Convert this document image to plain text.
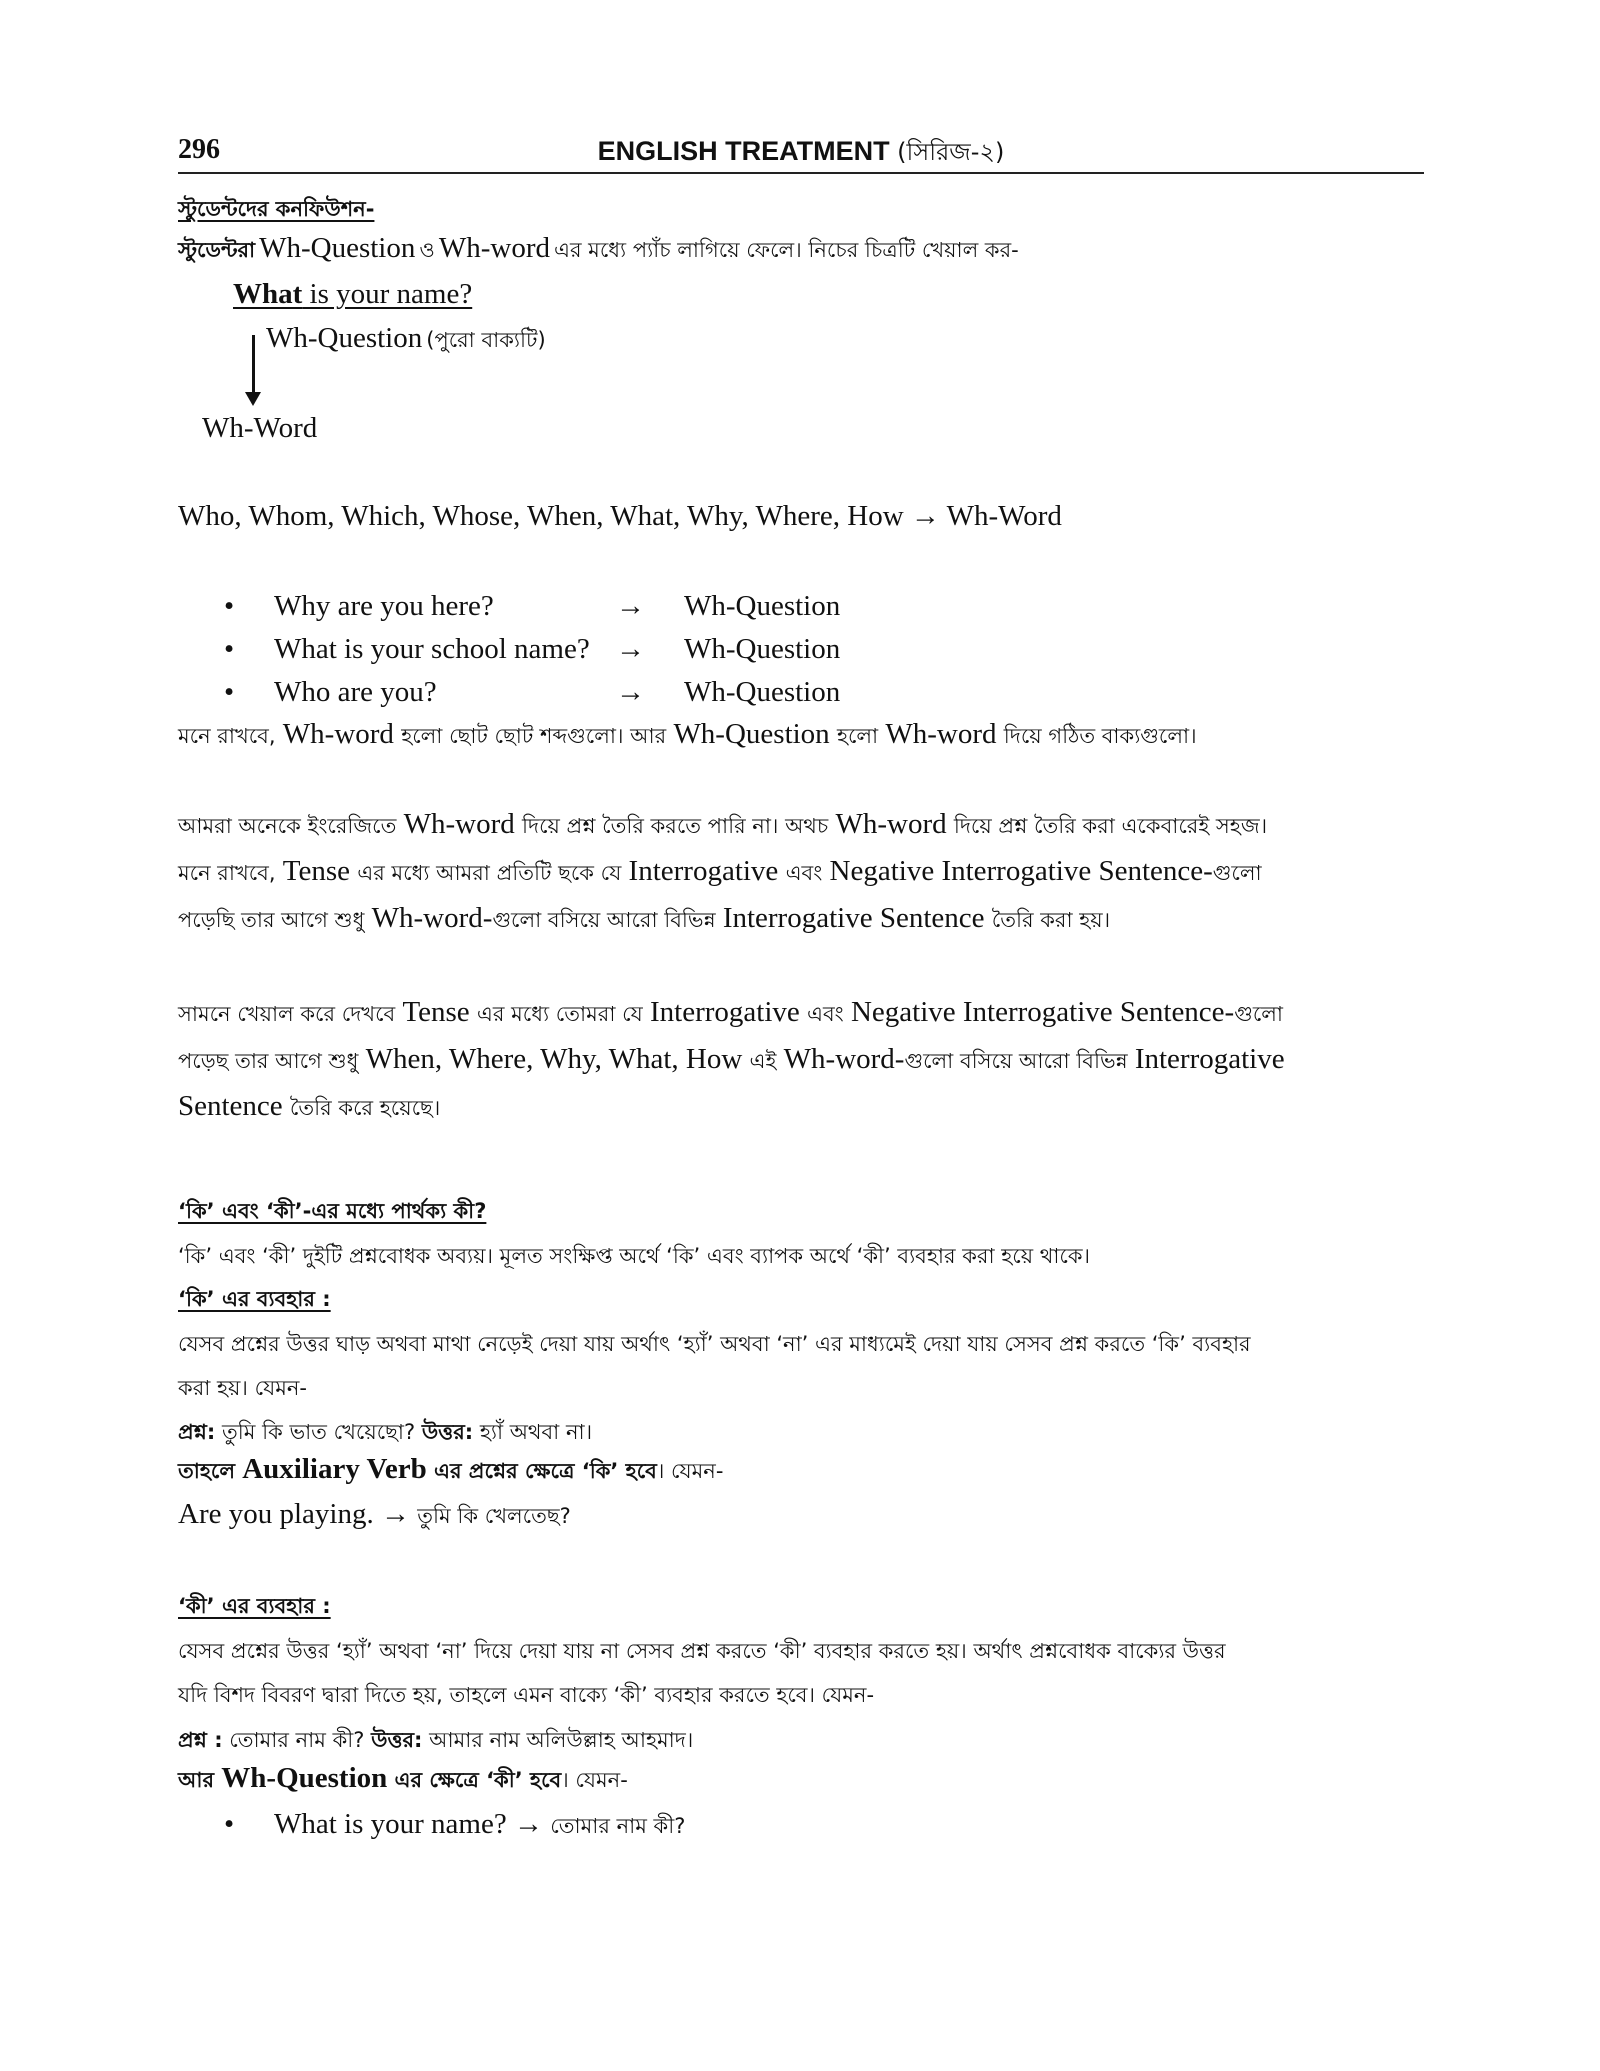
296	ENGLISH TREATMENT (সিরিজ-২)
স্টুডেন্টদের কনফিউশন-
স্টুডেন্টরা Wh-Question ও Wh-word এর মধ্যে প্যাঁচ লাগিয়ে ফেলে। নিচের চিত্রটি খেয়াল কর-
What is your name?
Wh-Question (পুরো বাক্যটি)
Wh-Word
Who, Whom, Which, Whose, When, What, Why, Where, How → Wh-Word
• Why are you here?	→ Wh-Question
• What is your school name? → Wh-Question
• Who are you?	→ Wh-Question
মনে রাখবে, Wh-word হলো ছোট ছোট শব্দগুলো। আর Wh-Question হলো Wh-word দিয়ে গঠিত বাক্যগুলো।
আমরা অনেকে ইংরেজিতে Wh-word দিয়ে প্রশ্ন তৈরি করতে পারি না। অথচ Wh-word দিয়ে প্রশ্ন তৈরি করা একেবারেই সহজ।
মনে রাখবে, Tense এর মধ্যে আমরা প্রতিটি ছকে যে Interrogative এবং Negative Interrogative Sentence-গুলো
পড়েছি তার আগে শুধু Wh-word-গুলো বসিয়ে আরো বিভিন্ন Interrogative Sentence তৈরি করা হয়।
সামনে খেয়াল করে দেখবে Tense এর মধ্যে তোমরা যে Interrogative এবং Negative Interrogative Sentence-গুলো
পড়েছ তার আগে শুধু When, Where, Why, What, How এই Wh-word-গুলো বসিয়ে আরো বিভিন্ন Interrogative
Sentence তৈরি করে হয়েছে।
‘কি’ এবং ‘কী’-এর মধ্যে পার্থক্য কী?
‘কি’ এবং ‘কী’ দুইটি প্রশ্নবোধক অব্যয়। মূলত সংক্ষিপ্ত অর্থে ‘কি’ এবং ব্যাপক অর্থে ‘কী’ ব্যবহার করা হয়ে থাকে।
‘কি’ এর ব্যবহার :
যেসব প্রশ্নের উত্তর ঘাড় অথবা মাথা নেড়েই দেয়া যায় অর্থাৎ ‘হ্যাঁ’ অথবা ‘না’ এর মাধ্যমেই দেয়া যায় সেসব প্রশ্ন করতে ‘কি’ ব্যবহার
করা হয়। যেমন-
প্রশ্ন: তুমি কি ভাত খেয়েছো? উত্তর: হ্যাঁ অথবা না।
তাহলে Auxiliary Verb এর প্রশ্নের ক্ষেত্রে ‘কি’ হবে। যেমন-
Are you playing. → তুমি কি খেলতেছ?
‘কী’ এর ব্যবহার :
যেসব প্রশ্নের উত্তর ‘হ্যাঁ’ অথবা ‘না’ দিয়ে দেয়া যায় না সেসব প্রশ্ন করতে ‘কী’ ব্যবহার করতে হয়। অর্থাৎ প্রশ্নবোধক বাক্যের উত্তর
যদি বিশদ বিবরণ দ্বারা দিতে হয়, তাহলে এমন বাক্যে ‘কী’ ব্যবহার করতে হবে। যেমন-
প্রশ্ন : তোমার নাম কী? উত্তর: আমার নাম অলিউল্লাহ আহমাদ।
আর Wh-Question এর ক্ষেত্রে ‘কী’ হবে। যেমন-
• What is your name? → তোমার নাম কী?
